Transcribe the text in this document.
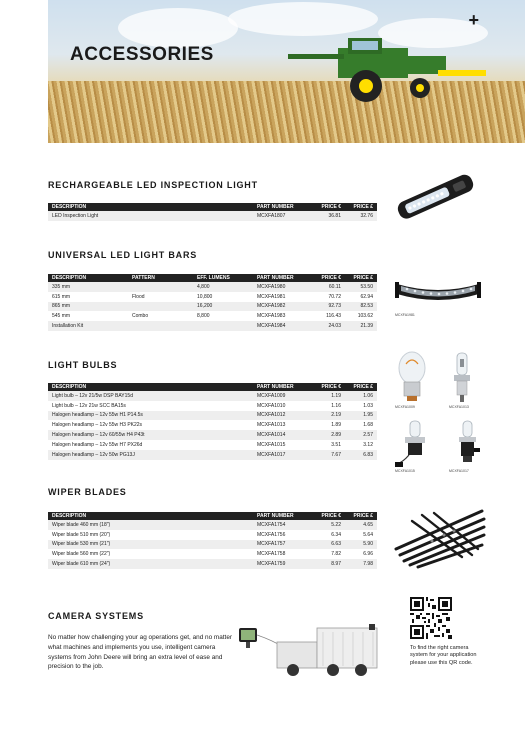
ACCESSORIES
+
RECHARGEABLE LED INSPECTION LIGHT
DESCRIPTION	PART NUMBER	PRICE €	PRICE £
LED Inspection Light	MCXFA1807	36.81	32.76
UNIVERSAL LED LIGHT BARS
DESCRIPTION	PATTERN	EFF. LUMENS	PART NUMBER	PRICE €	PRICE £
335 mm		4,800	MCXFA1980	60.11	53.50
615 mm	Flood	10,800	MCXFA1981	70.72	62.94
865 mm		16,200	MCXFA1982	92.73	82.53
545 mm	Combo	8,800	MCXFA1983	116.43	103.62
Installation Kit			MCXFA1984	24.03	21.39
MCXFA1981
LIGHT BULBS
DESCRIPTION	PART NUMBER	PRICE €	PRICE £
Light bulb – 12v 21/5w DSP BAY15d	MCXFA1009	1.19	1.06
Light bulb – 12v 21w SCC BA15s	MCXFA1010	1.16	1.03
Halogen headlamp – 12v 55w H1 P14.5s	MCXFA1012	2.19	1.95
Halogen headlamp – 12v 55w H3 PK22s	MCXFA1013	1.89	1.68
Halogen headlamp – 12v 60/55w H4 P43t	MCXFA1014	2.89	2.57
Halogen headlamp – 12v 55w H7 PX26d	MCXFA1015	3.51	3.12
Halogen headlamp – 12v 50w PG13J	MCXFA1017	7.67	6.83
MCXFA1009	MCXFA1013
MCXFA1015	MCXFA1017
WIPER BLADES
DESCRIPTION	PART NUMBER	PRICE €	PRICE £
Wiper blade 460 mm (18")	MCXFA1754	5.22	4.65
Wiper blade 510 mm (20")	MCXFA1756	6.34	5.64
Wiper blade 530 mm (21")	MCXFA1757	6.63	5.90
Wiper blade 560 mm (22")	MCXFA1758	7.82	6.96
Wiper blade 610 mm (24")	MCXFA1759	8.97	7.98
CAMERA SYSTEMS
No matter how challenging your ag operations get, and no matter what machines and implements you use, intelligent camera systems from John Deere will bring an extra level of ease and precision to the job.
To find the right camera system for your application please use this QR code.
